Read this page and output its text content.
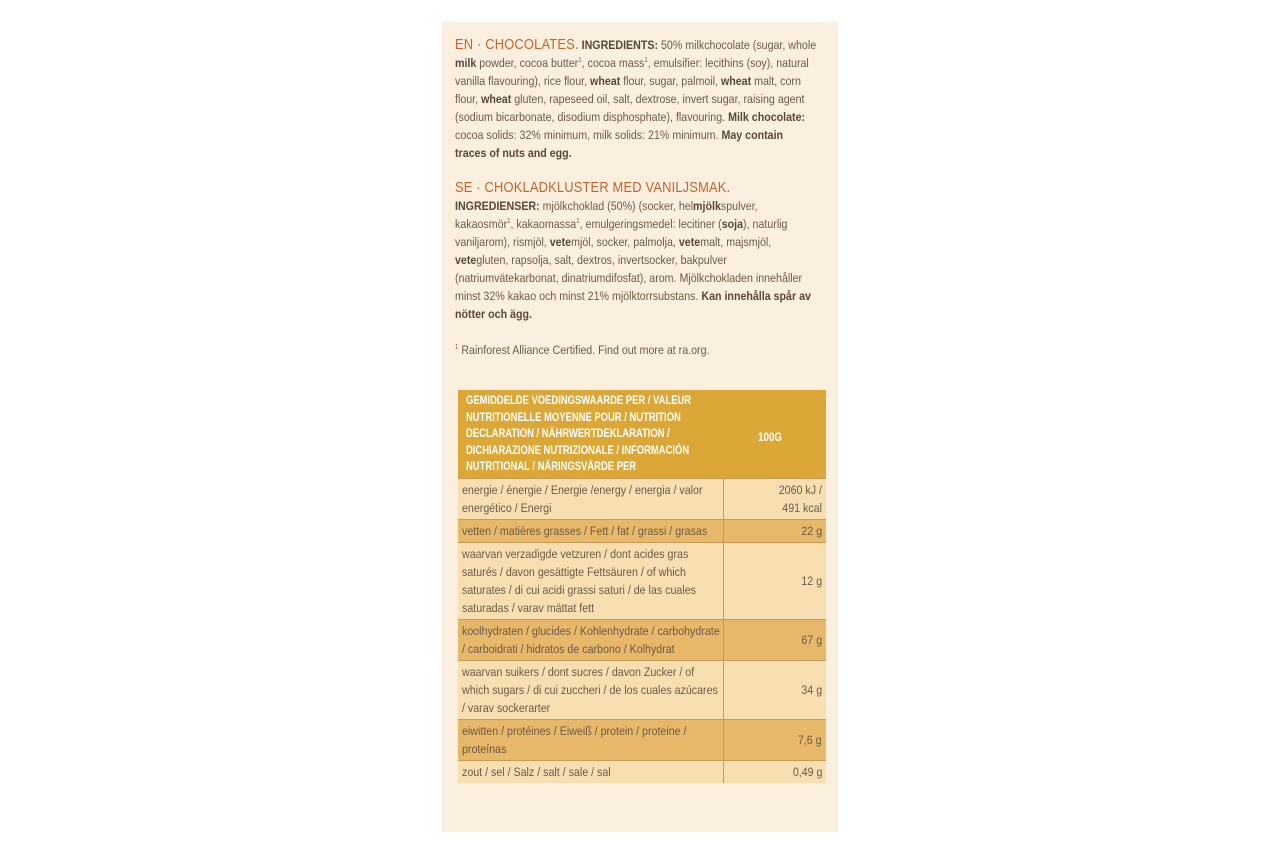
EN · CHOCOLATES. INGREDIENTS: 50% milkchocolate (sugar, whole milk powder, cocoa butter$^1$, cocoa mass$^1$, emulsifier: lecithins (soy), natural vanilla flavouring), rice flour, wheat flour, sugar, palmoil, wheat malt, corn flour, wheat gluten, rapeseed oil, salt, dextrose, invert sugar, raising agent (sodium bicarbonate, disodium disphosphate), flavouring. Milk chocolate: cocoa solids: 32% minimum, milk solids: 21% minimum. May contain traces of nuts and egg.
SE · CHOKLADKLUSTER MED VANILJSMAK.
INGREDIENSER: mjölkchoklad (50%) (socker, helmjölkspulver, kakaosmör$^1$, kakaomassa$^1$, emulgeringsmedel: lecitiner (soja), naturlig vaniljarom), rismjöl, vetemjöl, socker, palmolja, vetemalt, majsmjöl, vetegluten, rapsolja, salt, dextros, invertsocker, bakpulver (natriumvätekarbonat, dinatriumdifosfat), arom. Mjölkchokladen innehåller minst 32% kakao och minst 21% mjölktorrsubstans. Kan innehålla spår av nötter och ägg.
$^1$ Rainforest Alliance Certified. Find out more at ra.org.
GEMIDDELDE VOEDINGSWAARDE PER / VALEUR NUTRITIONELLE MOYENNE POUR / NUTRITION DECLARATION / NÄHRWERTDEKLARATION / DICHIARAZIONE NUTRIZIONALE / INFORMACIÓN NUTRITIONAL / NÄRINGSVÄRDE PER
100G
energie / énergie / Energie /energy / energia / valor energético / Energi
2060 kJ / 491 kcal
vetten / matières grasses / Fett / fat / grassi / grasas	22 g
waarvan verzadigde vetzuren / dont acides gras saturés / davon gesättigte Fettsäuren / of which saturates / di cui acidi grassi saturi / de las cuales saturadas / varav mättat fett
12 g
koolhydraten / glucides / Kohlenhydrate / carbohydrate / carboidrati / hidratos de carbono / Kolhydrat
67 g
waarvan suikers / dont sucres / davon Zucker / of which sugars / di cui zuccheri / de los cuales azúcares / varav sockerarter
34 g
eiwitten / protéines / Eiweiß / protein / proteine / proteínas
7,6 g
zout / sel / Salz / salt / sale / sal	0,49 g
